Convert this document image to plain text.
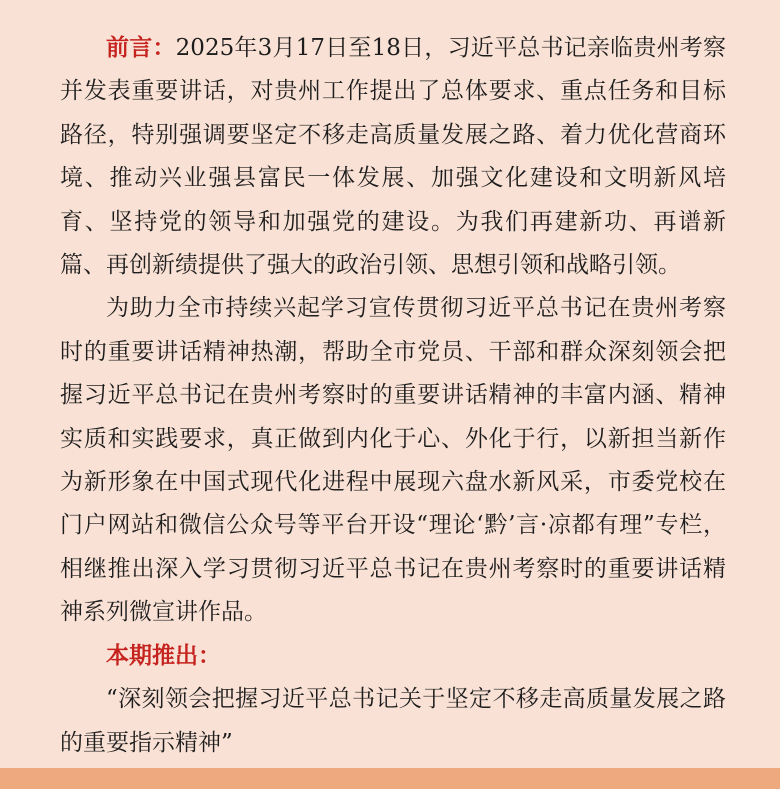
前言：2025年3月17日至18日，习近平总书记亲临贵州考察并发表重要讲话，对贵州工作提出了总体要求、重点任务和目标路径，特别强调要坚定不移走高质量发展之路、着力优化营商环境、推动兴业强县富民一体发展、加强文化建设和文明新风培育、坚持党的领导和加强党的建设。为我们再建新功、再谱新篇、再创新绩提供了强大的政治引领、思想引领和战略引领。

为助力全市持续兴起学习宣传贯彻习近平总书记在贵州考察时的重要讲话精神热潮，帮助全市党员、干部和群众深刻领会把握习近平总书记在贵州考察时的重要讲话精神的丰富内涵、精神实质和实践要求，真正做到内化于心、外化于行，以新担当新作为新形象在中国式现代化进程中展现六盘水新风采，市委党校在门户网站和微信公众号等平台开设“理论‘黔’言·凉都有理”专栏，相继推出深入学习贯彻习近平总书记在贵州考察时的重要讲话精神系列微宣讲作品。

本期推出：

“深刻领会把握习近平总书记关于坚定不移走高质量发展之路的重要指示精神”
